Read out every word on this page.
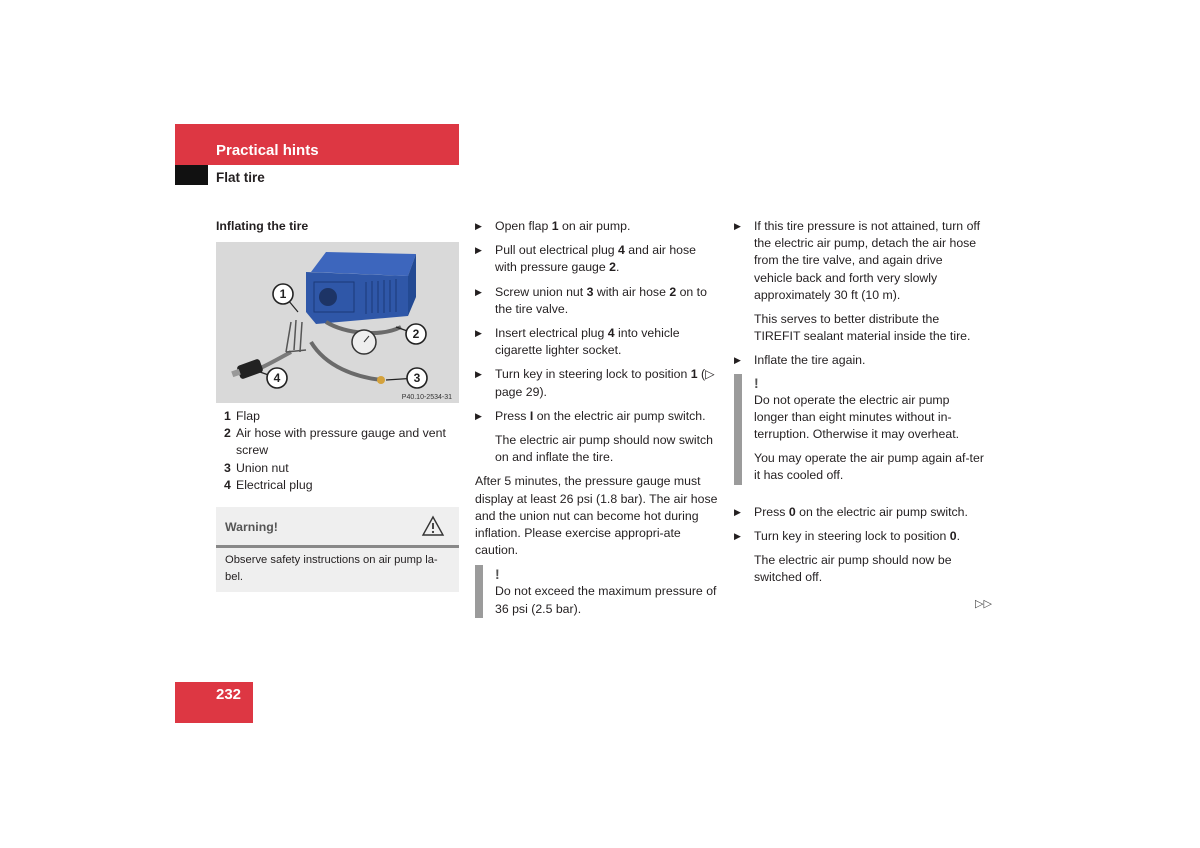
Practical hints
Flat tire
Inflating the tire
1
2
3
4
P40.10-2534-31
1 Flap
2 Air hose with pressure gauge and vent screw
3 Union nut
4 Electrical plug
Warning!
Observe safety instructions on air pump la-bel.
▶ Open flap 1 on air pump.
▶ Pull out electrical plug 4 and air hose with pressure gauge 2.
▶ Screw union nut 3 with air hose 2 on to the tire valve.
▶ Insert electrical plug 4 into vehicle cigarette lighter socket.
▶ Turn key in steering lock to position 1 (▷ page 29).
▶ Press I on the electric air pump switch.
The electric air pump should now switch on and inflate the tire.
After 5 minutes, the pressure gauge must display at least 26 psi (1.8 bar). The air hose and the union nut can become hot during inflation. Please exercise appropri-ate caution.
!
Do not exceed the maximum pressure of 36 psi (2.5 bar).
▶ If this tire pressure is not attained, turn off the electric air pump, detach the air hose from the tire valve, and again drive vehicle back and forth very slowly approximately 30 ft (10 m).
This serves to better distribute the TIREFIT sealant material inside the tire.
▶ Inflate the tire again.
!
Do not operate the electric air pump longer than eight minutes without in-terruption. Otherwise it may overheat.
You may operate the air pump again af-ter it has cooled off.
▶ Press 0 on the electric air pump switch.
▶ Turn key in steering lock to position 0.
The electric air pump should now be switched off.
▷▷
232
